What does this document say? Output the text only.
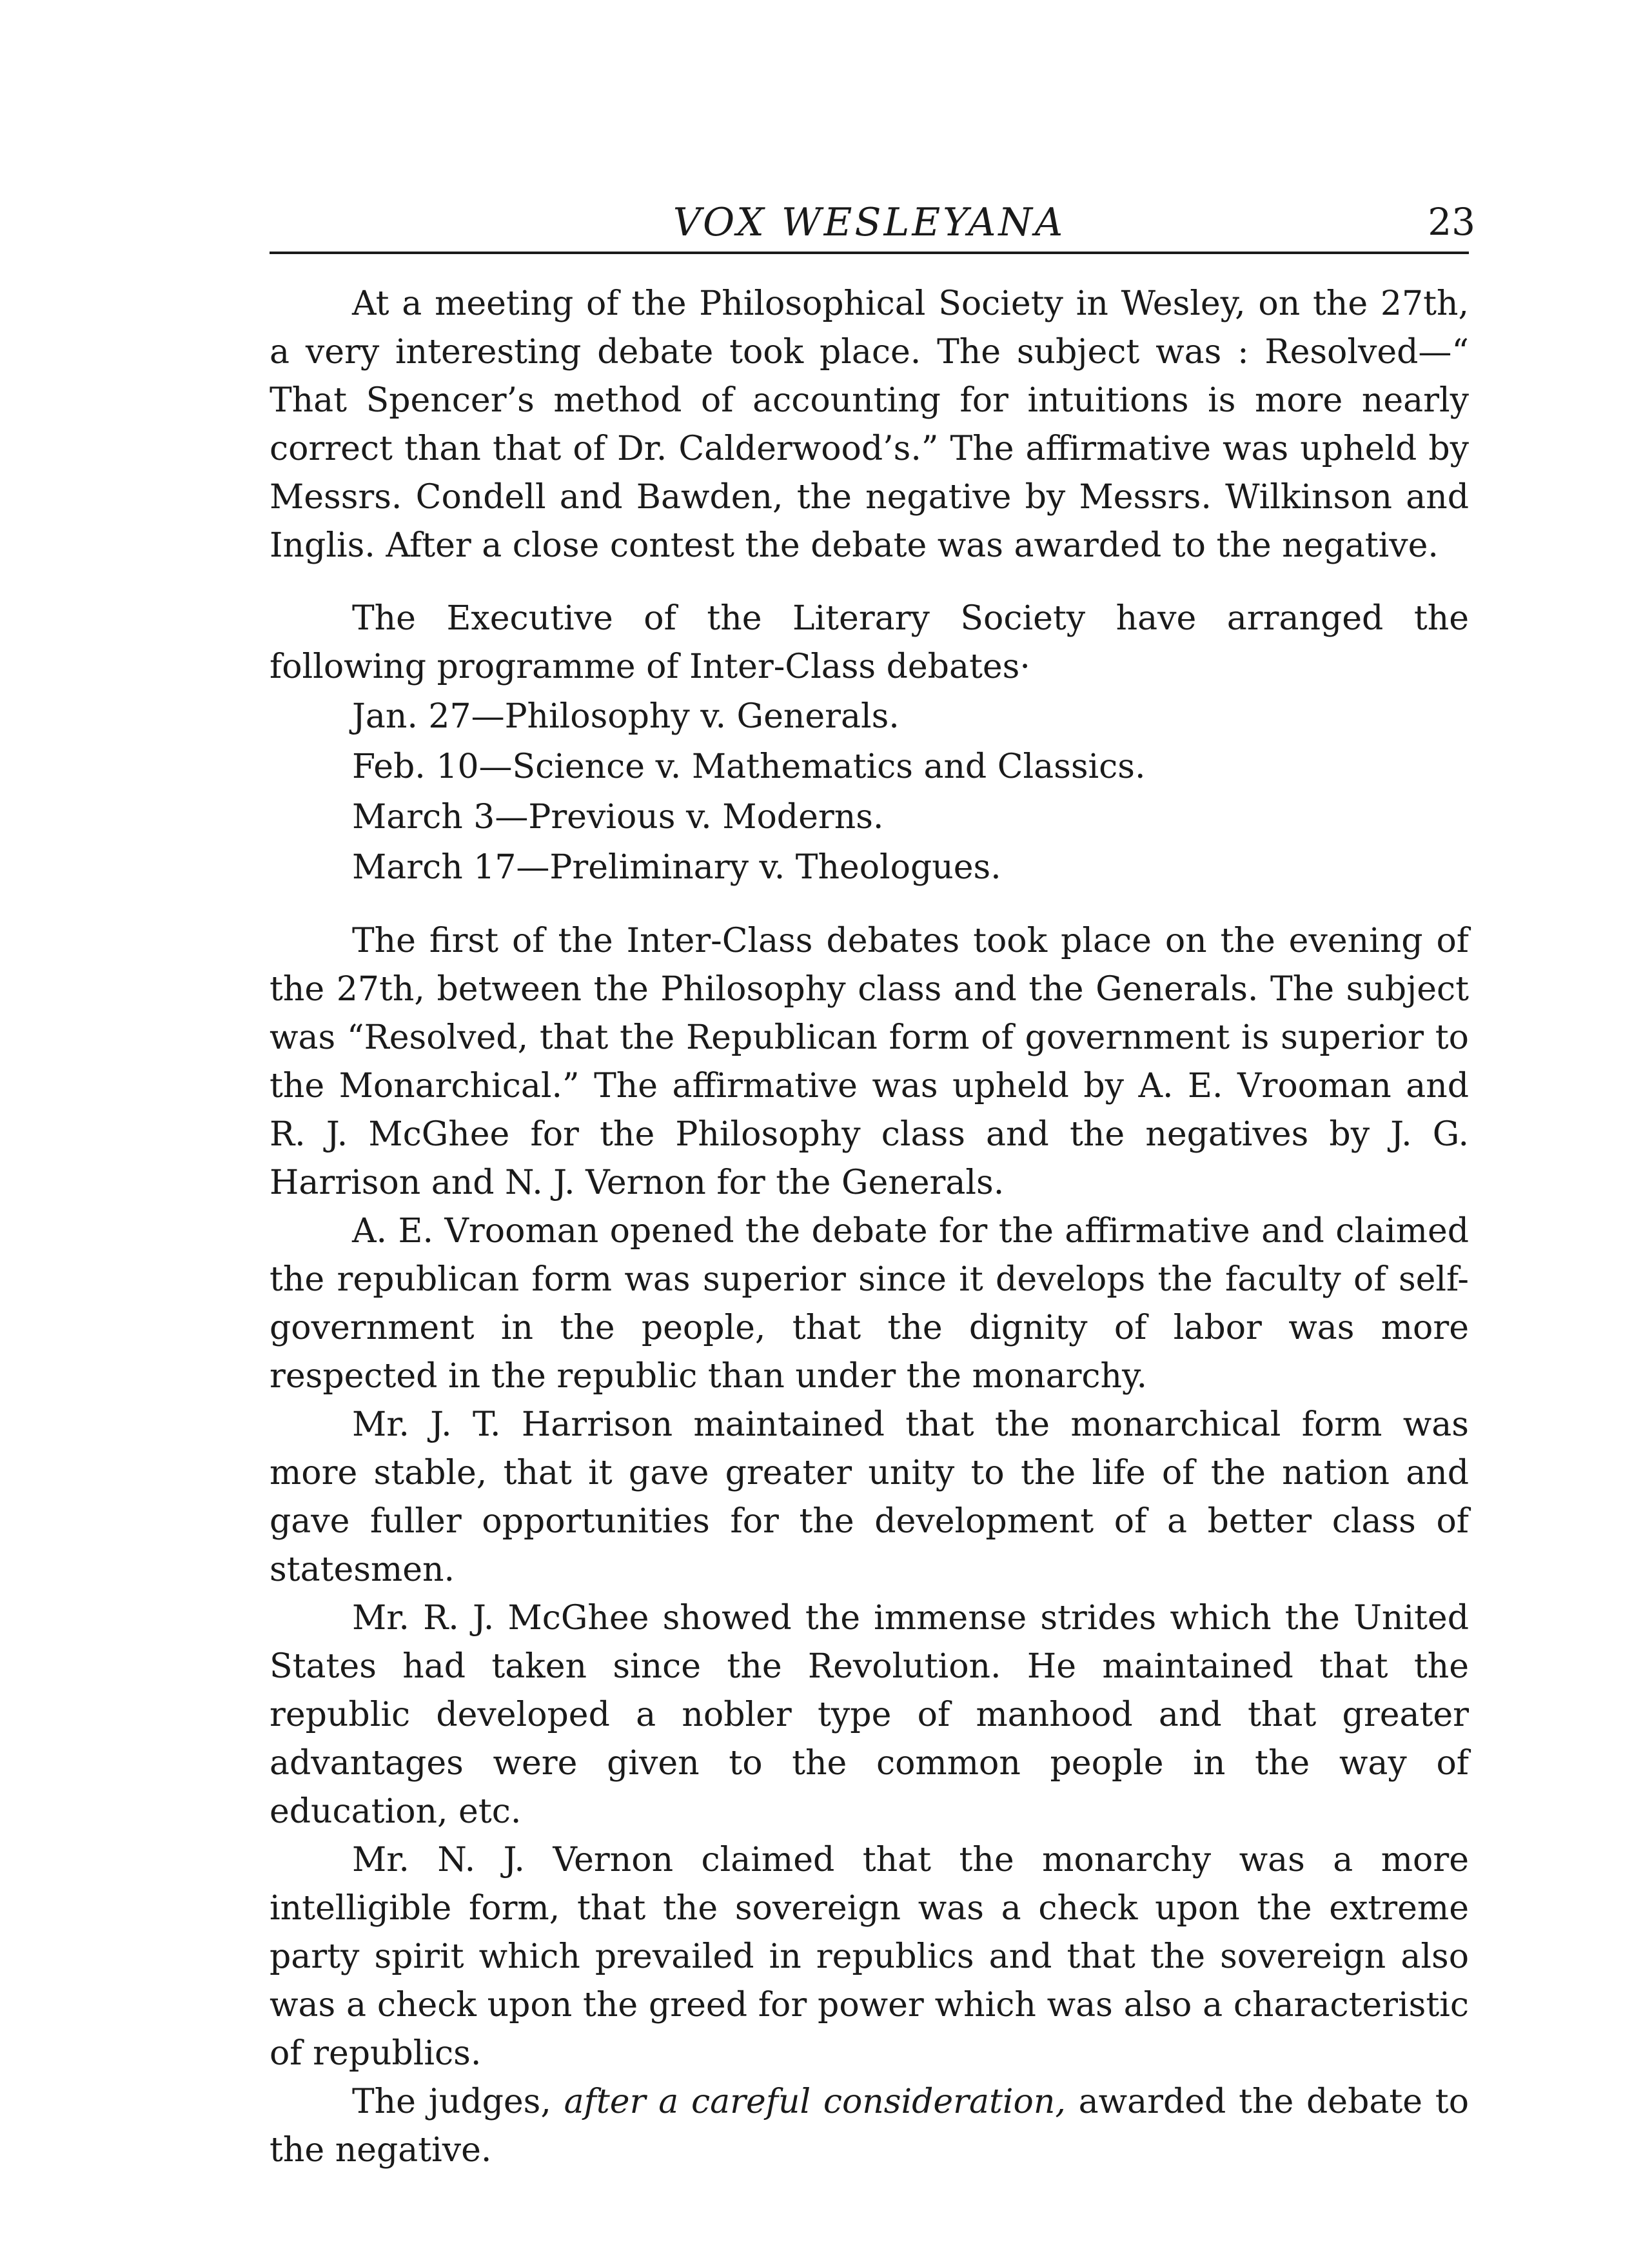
VOX WESLEYANA	23

At a meeting of the Philosophical Society in Wesley, on the 27th, a very interesting debate took place. The subject was : Resolved—“ That Spencer’s method of accounting for intuitions is more nearly correct than that of Dr. Calderwood’s.” The affirmative was upheld by Messrs. Condell and Bawden, the negative by Messrs. Wilkinson and Inglis. After a close contest the debate was awarded to the negative.

The Executive of the Literary Society have arranged the following programme of Inter-Class debates·

Jan. 27—Philosophy v. Generals.
Feb. 10—Science v. Mathematics and Classics.
March 3—Previous v. Moderns.
March 17—Preliminary v. Theologues.

The first of the Inter-Class debates took place on the evening of the 27th, between the Philosophy class and the Generals. The subject was “Resolved, that the Republican form of government is superior to the Monarchical.” The affirmative was upheld by A. E. Vrooman and R. J. McGhee for the Philosophy class and the negatives by J. G. Harrison and N. J. Vernon for the Generals.

A. E. Vrooman opened the debate for the affirmative and claimed the republican form was superior since it develops the faculty of self-government in the people, that the dignity of labor was more respected in the republic than under the monarchy.

Mr. J. T. Harrison maintained that the monarchical form was more stable, that it gave greater unity to the life of the nation and gave fuller opportunities for the development of a better class of statesmen.

Mr. R. J. McGhee showed the immense strides which the United States had taken since the Revolution. He maintained that the republic developed a nobler type of manhood and that greater advantages were given to the common people in the way of education, etc.

Mr. N. J. Vernon claimed that the monarchy was a more intelligible form, that the sovereign was a check upon the extreme party spirit which prevailed in republics and that the sovereign also was a check upon the greed for power which was also a characteristic of republics.

The judges, after a careful consideration, awarded the debate to the negative.
